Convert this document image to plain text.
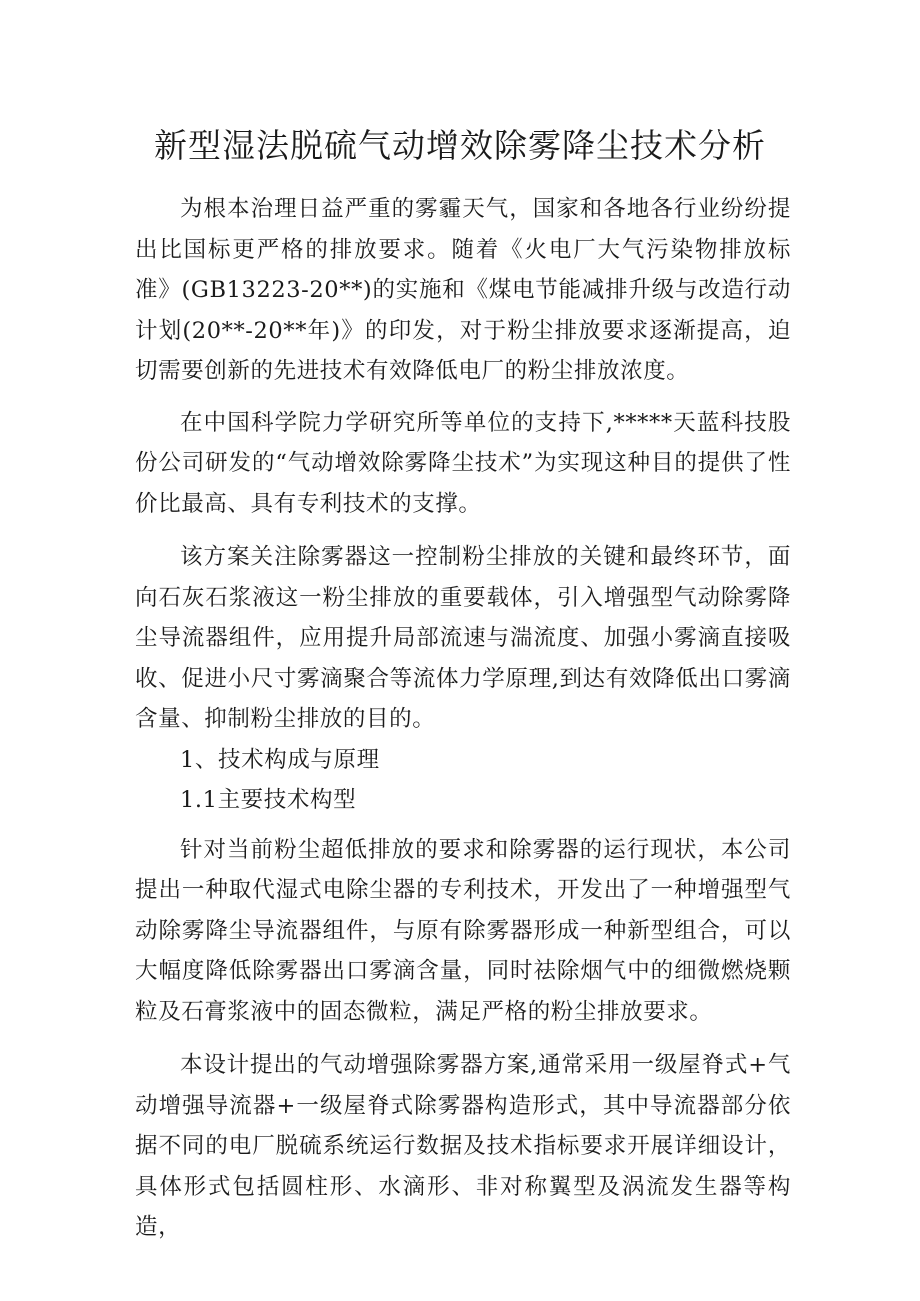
新型湿法脱硫气动增效除雾降尘技术分析

为根本治理日益严重的雾霾天气，国家和各地各行业纷纷提出比国标更严格的排放要求。随着《火电厂大气污染物排放标准》(GB13223-20**)的实施和《煤电节能减排升级与改造行动计划(20**-20**年)》的印发，对于粉尘排放要求逐渐提高，迫切需要创新的先进技术有效降低电厂的粉尘排放浓度。

在中国科学院力学研究所等单位的支持下,*****天蓝科技股份公司研发的“气动增效除雾降尘技术”为实现这种目的提供了性价比最高、具有专利技术的支撑。

该方案关注除雾器这一控制粉尘排放的关键和最终环节，面向石灰石浆液这一粉尘排放的重要载体，引入增强型气动除雾降尘导流器组件，应用提升局部流速与湍流度、加强小雾滴直接吸收、促进小尺寸雾滴聚合等流体力学原理,到达有效降低出口雾滴含量、抑制粉尘排放的目的。

1、技术构成与原理

1.1主要技术构型

针对当前粉尘超低排放的要求和除雾器的运行现状，本公司提出一种取代湿式电除尘器的专利技术，开发出了一种增强型气动除雾降尘导流器组件，与原有除雾器形成一种新型组合，可以大幅度降低除雾器出口雾滴含量，同时祛除烟气中的细微燃烧颗粒及石膏浆液中的固态微粒，满足严格的粉尘排放要求。

本设计提出的气动增强除雾器方案,通常采用一级屋脊式+气动增强导流器+一级屋脊式除雾器构造形式，其中导流器部分依据不同的电厂脱硫系统运行数据及技术指标要求开展详细设计，具体形式包括圆柱形、水滴形、非对称翼型及涡流发生器等构造，
